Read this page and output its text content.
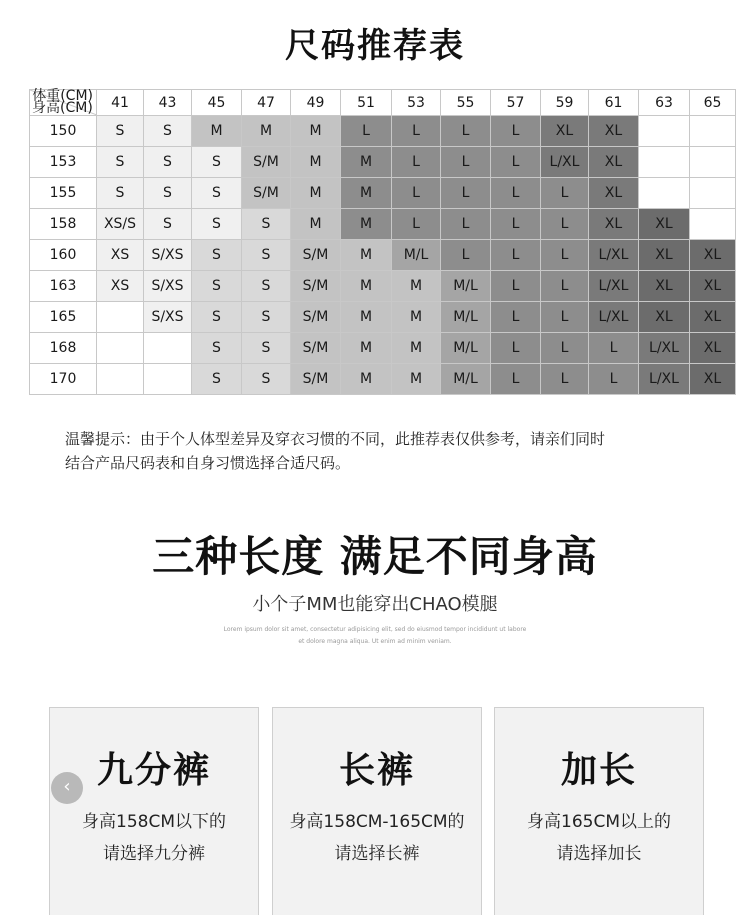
尺码推荐表
体重(CM)
身高(CM)	41	43	45	47	49	51	53	55	57	59	61	63	65
150	S	S	M	M	M	L	L	L	L	XL	XL		
153	S	S	S	S/M	M	M	L	L	L	L/XL	XL		
155	S	S	S	S/M	M	M	L	L	L	L	XL		
158	XS/S	S	S	S	M	M	L	L	L	L	XL	XL	
160	XS	S/XS	S	S	S/M	M	M/L	L	L	L	L/XL	XL	XL
163	XS	S/XS	S	S	S/M	M	M	M/L	L	L	L/XL	XL	XL
165		S/XS	S	S	S/M	M	M	M/L	L	L	L/XL	XL	XL
168			S	S	S/M	M	M	M/L	L	L	L	L/XL	XL
170			S	S	S/M	M	M	M/L	L	L	L	L/XL	XL
温馨提示：由于个人体型差异及穿衣习惯的不同，此推荐表仅供参考，请亲们同时
结合产品尺码表和自身习惯选择合适尺码。
三种长度 满足不同身高
小个子MM也能穿出CHAO模腿
Lorem ipsum dolor sit amet, consectetur adipisicing elit, sed do eiusmod tempor incididunt ut labore
et dolore magna aliqua. Ut enim ad minim veniam.
九分裤
身高158CM以下的
请选择九分裤
长裤
身高158CM-165CM的
请选择长裤
加长
身高165CM以上的
请选择加长
‹
